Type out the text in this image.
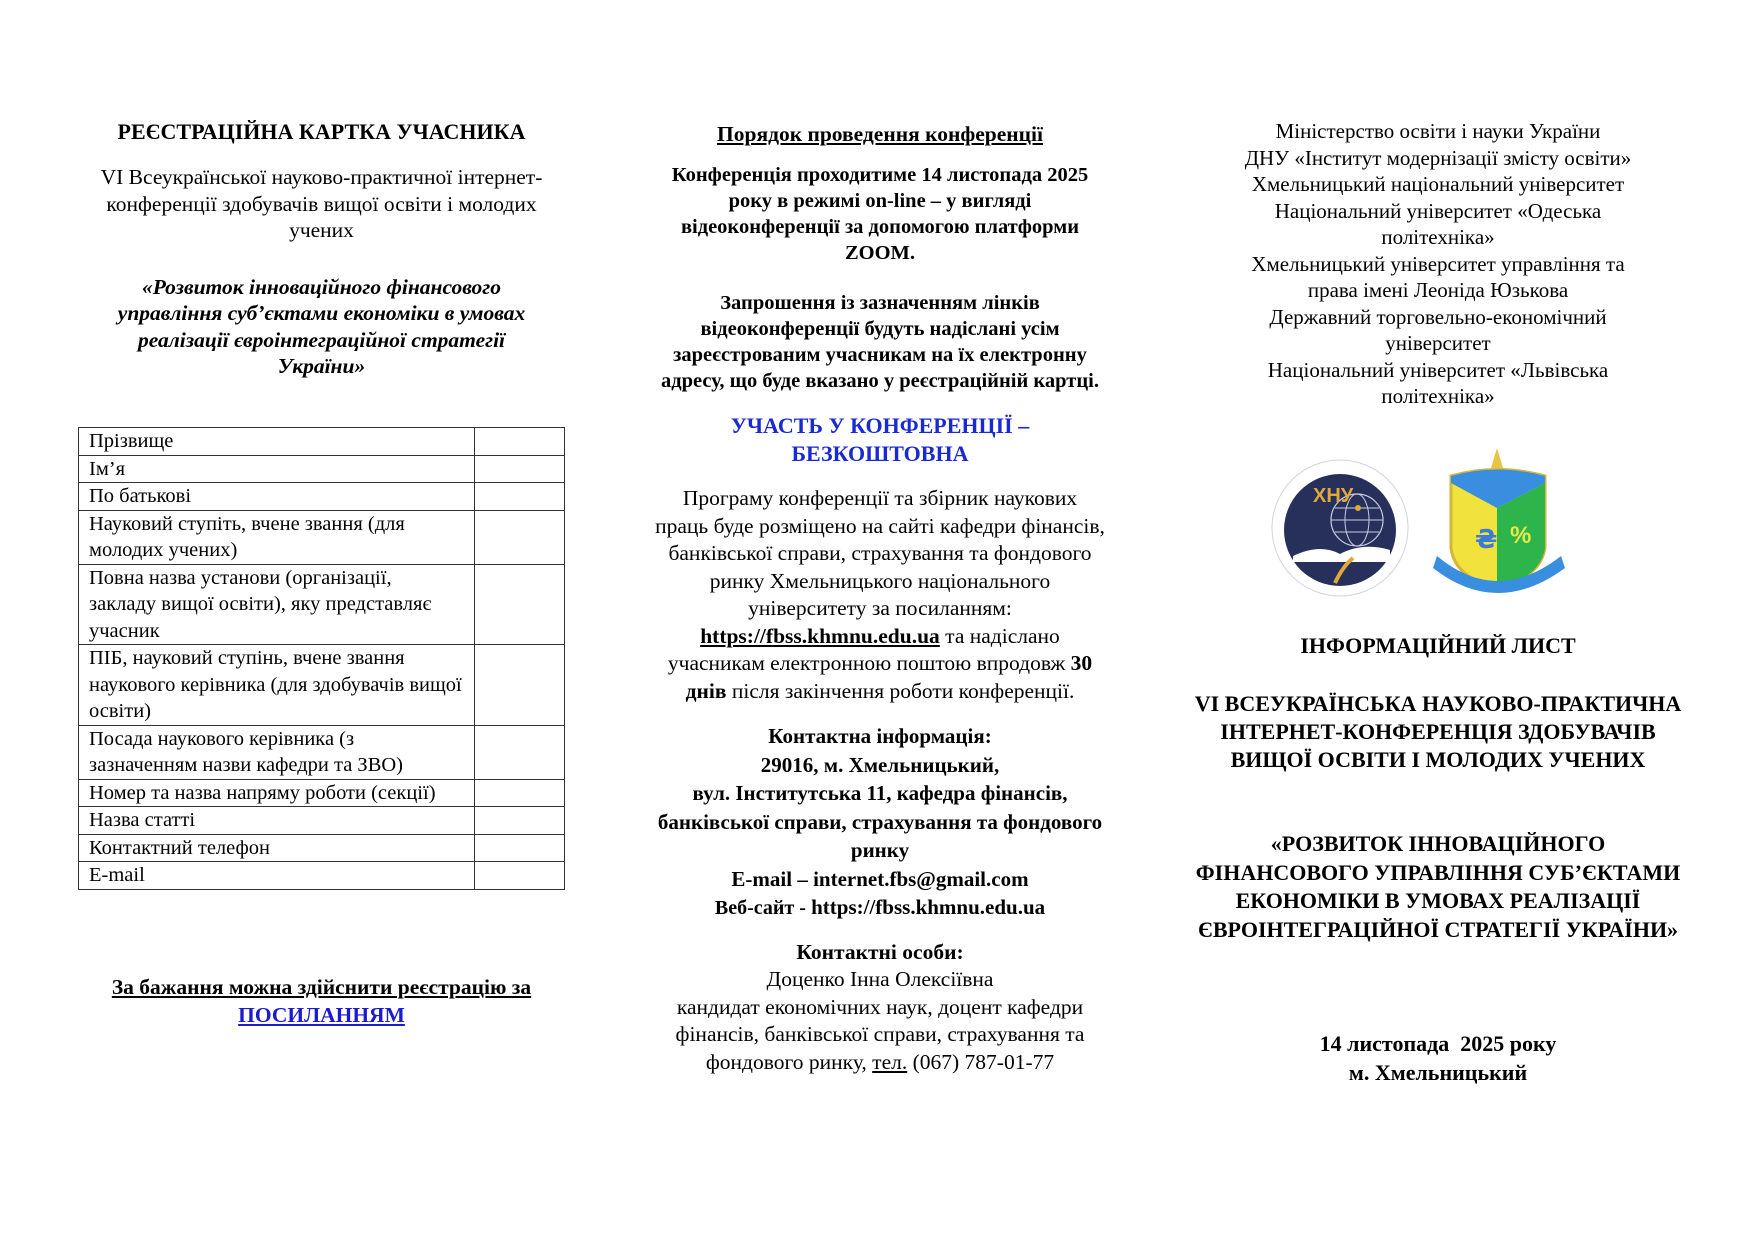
РЕЄСТРАЦІЙНА КАРТКА УЧАСНИКА

VI Всеукраїнської науково-практичної інтернет-конференції здобувачів вищої освіти і молодих учених

«Розвиток інноваційного фінансового управління суб’єктами економіки в умовах реалізації євроінтеграційної стратегії України»

Прізвище	
Ім’я	
По батькові	
Науковий ступіть, вчене звання (для молодих учених)	
Повна назва установи (організації, закладу вищої освіти), яку представляє учасник	
ПІБ, науковий ступінь, вчене звання наукового керівника (для здобувачів вищої освіти)	
Посада наукового керівника (з зазначенням назви кафедри та ЗВО)	
Номер та назва напряму роботи (секції)	
Назва статті	
Контактний телефон	
E-mail	

За бажання можна здійснити реєстрацію за

ПОСИЛАННЯМ

Порядок проведення конференції

Конференція проходитиме 14 листопада 2025 року в режимі on-line – у вигляді відеоконференції за допомогою платформи ZOOM.

Запрошення із зазначенням лінків відеоконференції будуть надіслані усім зареєстрованим учасникам на їх електронну адресу, що буде вказано у реєстраційній картці.

УЧАСТЬ У КОНФЕРЕНЦІЇ – БЕЗКОШТОВНА

Програму конференції та збірник наукових праць буде розміщено на сайті кафедри фінансів, банківської справи, страхування та фондового ринку Хмельницького національного університету за посиланням: https://fbss.khmnu.edu.ua та надіслано учасникам електронною поштою впродовж 30 днів після закінчення роботи конференції.

Контактна інформація:

29016, м. Хмельницький,

вул. Інститутська 11, кафедра фінансів, банківської справи, страхування та фондового ринку

E-mail – internet.fbs@gmail.com

Веб-сайт - https://fbss.khmnu.edu.ua

Контактні особи:

Доценко Інна Олексіївна

кандидат економічних наук, доцент кафедри фінансів, банківської справи, страхування та фондового ринку, тел. (067) 787-01-77

Міністерство освіти і науки України

ДНУ «Інститут модернізації змісту освіти»

Хмельницький національний університет

Національний університет «Одеська політехніка»

Хмельницький університет управління та права імені Леоніда Юзькова

Державний торговельно-економічний університет

Національний університет «Львівська політехніка»

ХНУ
₴ %

ІНФОРМАЦІЙНИЙ ЛИСТ

VI ВСЕУКРАЇНСЬКА НАУКОВО-ПРАКТИЧНА ІНТЕРНЕТ-КОНФЕРЕНЦІЯ ЗДОБУВАЧІВ ВИЩОЇ ОСВІТИ І МОЛОДИХ УЧЕНИХ

«РОЗВИТОК ІННОВАЦІЙНОГО ФІНАНСОВОГО УПРАВЛІННЯ СУБ’ЄКТАМИ ЕКОНОМІКИ В УМОВАХ РЕАЛІЗАЦІЇ ЄВРОІНТЕГРАЦІЙНОЇ СТРАТЕГІЇ УКРАЇНИ»

14 листопада  2025 року

м. Хмельницький
